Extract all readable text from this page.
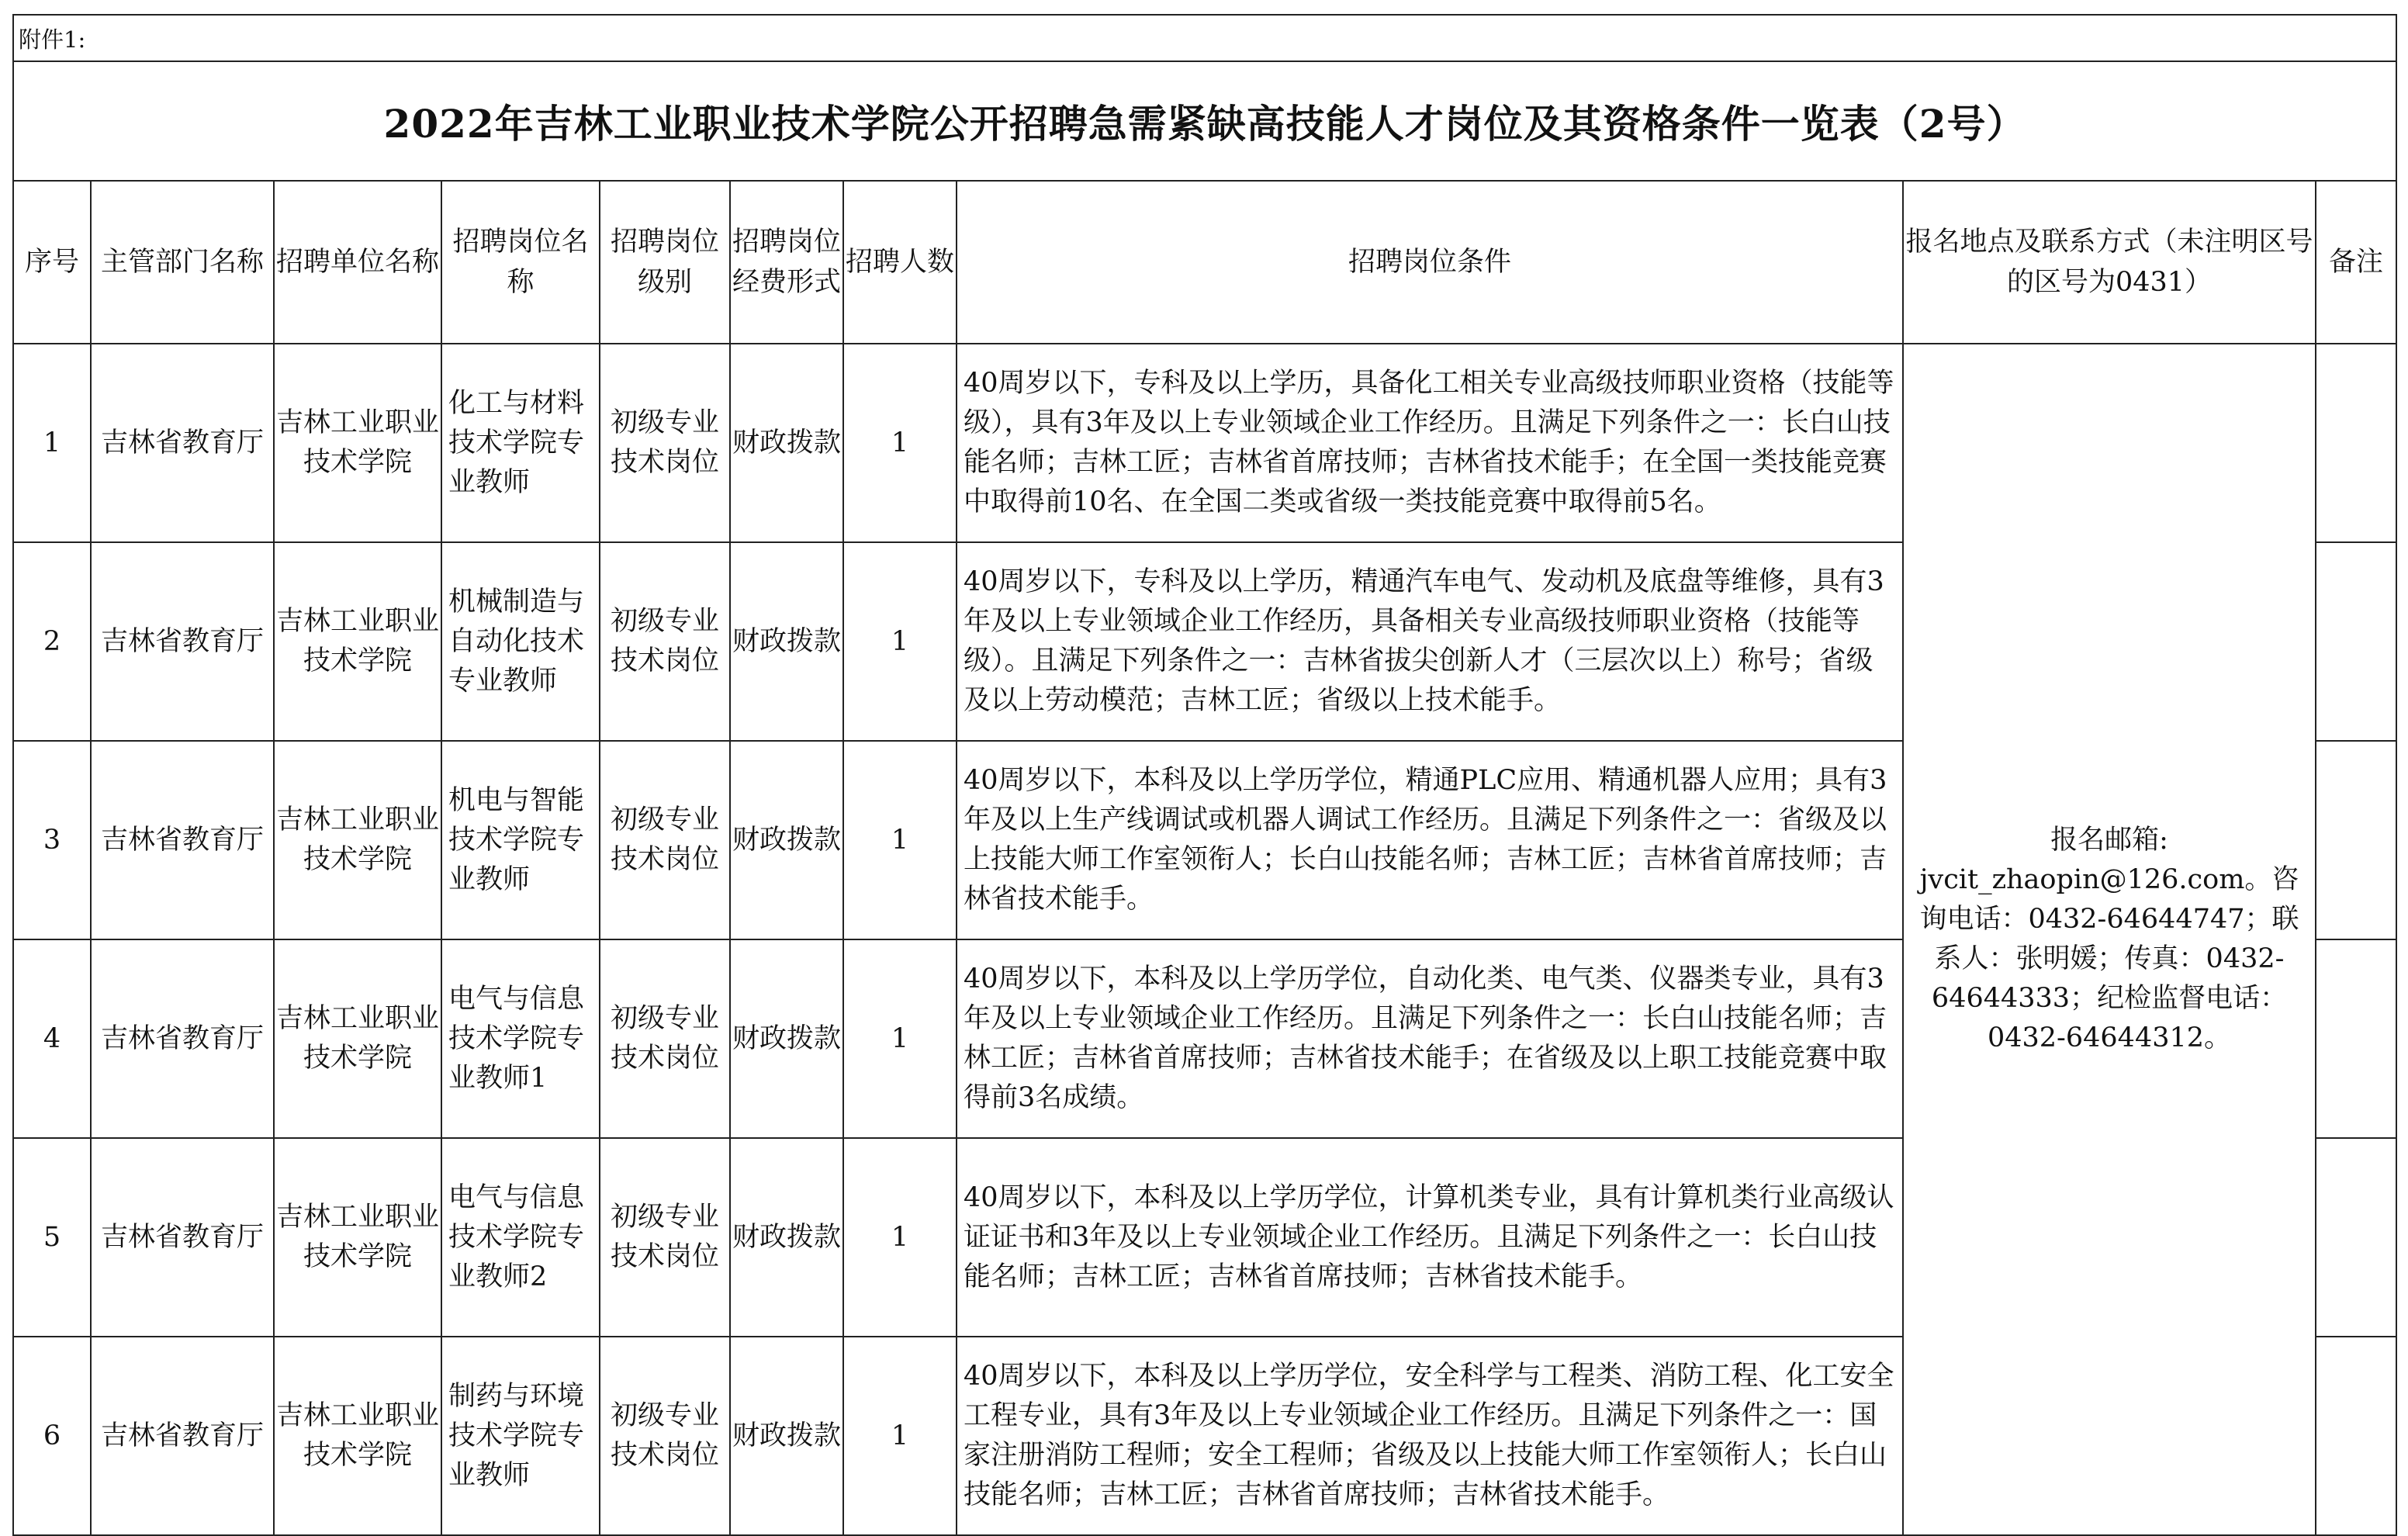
附件1:									
2022年吉林工业职业技术学院公开招聘急需紧缺高技能人才岗位及其资格条件一览表（2号）									
序号	主管部门名称	招聘单位名称	招聘岗位名称	招聘岗位级别	招聘岗位经费形式	招聘人数	招聘岗位条件	报名地点及联系方式（未注明区号的区号为0431）	备注
1	吉林省教育厅	吉林工业职业技术学院	化工与材料技术学院专业教师	初级专业技术岗位	财政拨款	1	40周岁以下，专科及以上学历，具备化工相关专业高级技师职业资格（技能等级），具有3年及以上专业领域企业工作经历。且满足下列条件之一：长白山技能名师；吉林工匠；吉林省首席技师；吉林省技术能手；在全国一类技能竞赛中取得前10名、在全国二类或省级一类技能竞赛中取得前5名。	报名邮箱:
jvcit_zhaopin@126.com。咨询电话：0432-64644747；联系人：张明媛；传真：0432-64644333；纪检监督电话：0432-64644312。	

2	吉林省教育厅	吉林工业职业技术学院	机械制造与自动化技术专业教师	初级专业技术岗位	财政拨款	1	40周岁以下，专科及以上学历，精通汽车电气、发动机及底盘等维修，具有3年及以上专业领域企业工作经历，具备相关专业高级技师职业资格（技能等级）。且满足下列条件之一：吉林省拔尖创新人才（三层次以上）称号；省级及以上劳动模范；吉林工匠；省级以上技术能手。		
3	吉林省教育厅	吉林工业职业技术学院	机电与智能技术学院专业教师	初级专业技术岗位	财政拨款	1	40周岁以下，本科及以上学历学位，精通PLC应用、精通机器人应用；具有3年及以上生产线调试或机器人调试工作经历。且满足下列条件之一：省级及以上技能大师工作室领衔人；长白山技能名师；吉林工匠；吉林省首席技师；吉林省技术能手。		
4	吉林省教育厅	吉林工业职业技术学院	电气与信息技术学院专业教师1	初级专业技术岗位	财政拨款	1	40周岁以下，本科及以上学历学位，自动化类、电气类、仪器类专业，具有3年及以上专业领域企业工作经历。且满足下列条件之一：长白山技能名师；吉林工匠；吉林省首席技师；吉林省技术能手；在省级及以上职工技能竞赛中取得前3名成绩。		
5	吉林省教育厅	吉林工业职业技术学院	电气与信息技术学院专业教师2	初级专业技术岗位	财政拨款	1	40周岁以下，本科及以上学历学位，计算机类专业，具有计算机类行业高级认证证书和3年及以上专业领域企业工作经历。且满足下列条件之一：长白山技能名师；吉林工匠；吉林省首席技师；吉林省技术能手。		
6	吉林省教育厅	吉林工业职业技术学院	制药与环境技术学院专业教师	初级专业技术岗位	财政拨款	1	40周岁以下，本科及以上学历学位，安全科学与工程类、消防工程、化工安全工程专业，具有3年及以上专业领域企业工作经历。且满足下列条件之一：国家注册消防工程师；安全工程师；省级及以上技能大师工作室领衔人；长白山技能名师；吉林工匠；吉林省首席技师；吉林省技术能手。		
